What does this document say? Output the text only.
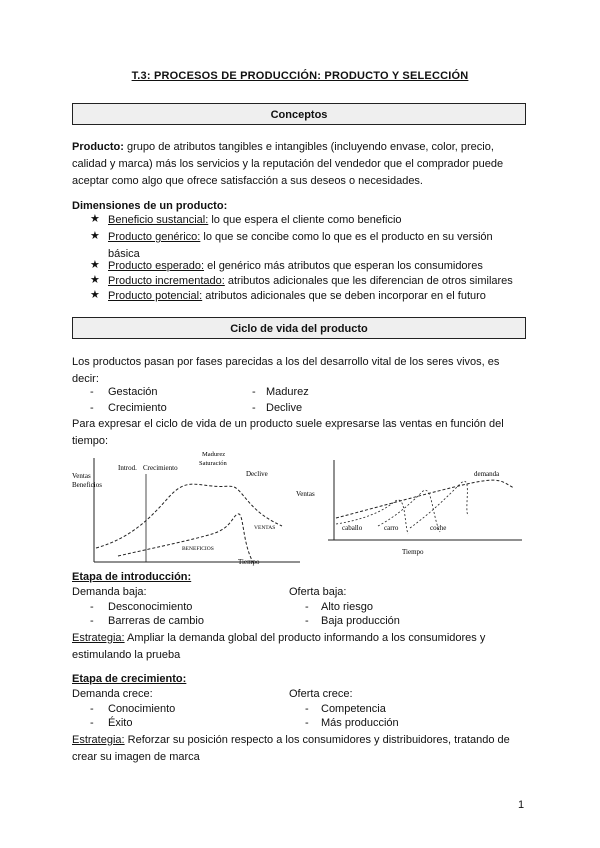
T.3: PROCESOS DE PRODUCCIÓN: PRODUCTO Y SELECCIÓN
Conceptos
Producto: grupo de atributos tangibles e intangibles (incluyendo envase, color, precio,
calidad y marca) más los servicios y la reputación del vendedor que el comprador puede
aceptar como algo que ofrece satisfacción a sus deseos o necesidades.
Dimensiones de un producto:
★ Beneficio sustancial: lo que espera el cliente como beneficio
★ Producto genérico: lo que se concibe como lo que es el producto en su versión
básica
★ Producto esperado: el genérico más atributos que esperan los consumidores
★ Producto incrementado: atributos adicionales que les diferencian de otros similares
★ Producto potencial: atributos adicionales que se deben incorporar en el futuro
Ciclo de vida del producto
Los productos pasan por fases parecidas a los del desarrollo vital de los seres vivos, es
decir:
-	Gestación	- Madurez
-	Crecimiento	- Declive
Para expresar el ciclo de vida de un producto suele expresarse las ventas en función del
tiempo:
Ventas
Beneficios
Introd. Crecimiento
Madurez
Saturación
Declive
VENTAS
BENEFICIOS
Tiempo
Ventas
demanda
caballo	carro	coche
Tiempo
Etapa de introducción:
Demanda baja:	Oferta baja:
-	Desconocimiento	-	Alto riesgo
-	Barreras de cambio	-	Baja producción
Estrategia: Ampliar la demanda global del producto informando a los consumidores y
estimulando la prueba
Etapa de crecimiento:
Demanda crece:	Oferta crece:
-	Conocimiento	-	Competencia
-	Éxito	-	Más producción
Estrategia: Reforzar su posición respecto a los consumidores y distribuidores, tratando de
crear su imagen de marca
1
